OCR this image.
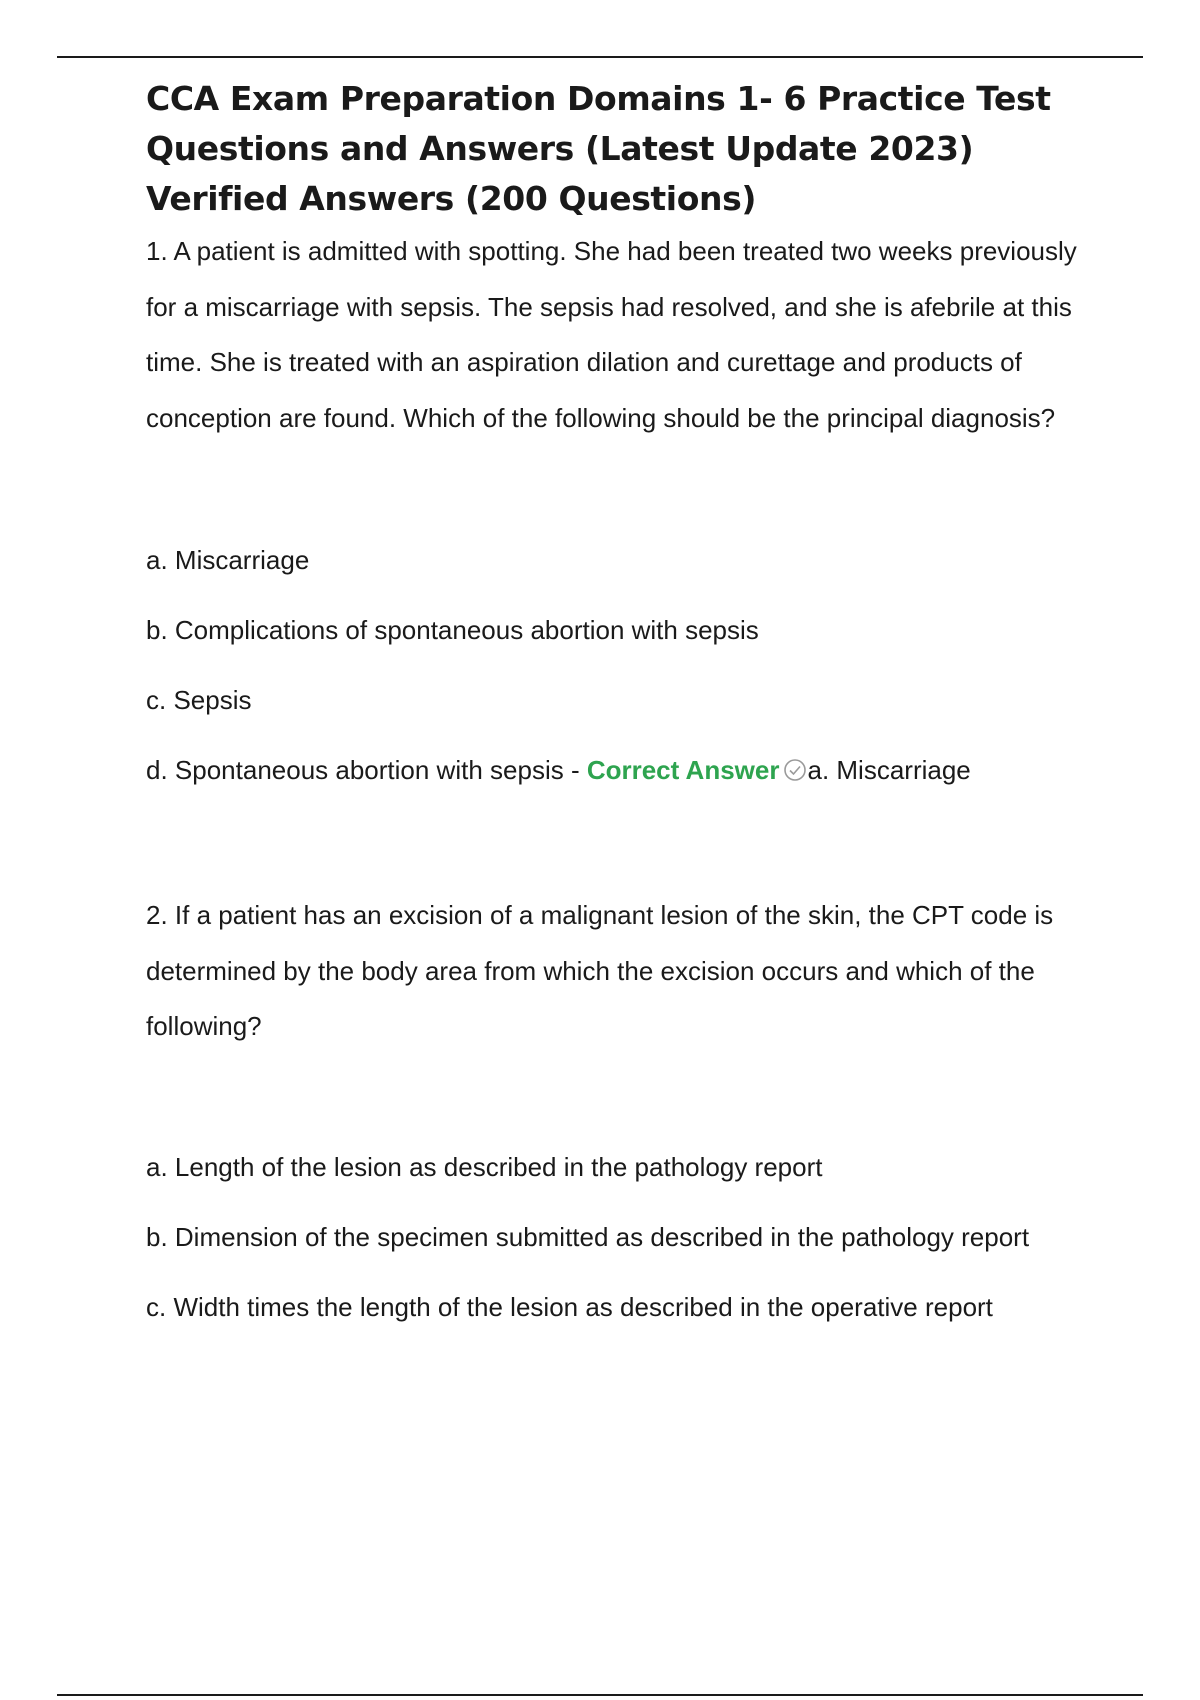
CCA Exam Preparation Domains 1- 6 Practice Test Questions and Answers (Latest Update 2023) Verified Answers (200 Questions)

1. A patient is admitted with spotting. She had been treated two weeks previously for a miscarriage with sepsis. The sepsis had resolved, and she is afebrile at this time. She is treated with an aspiration dilation and curettage and products of conception are found. Which of the following should be the principal diagnosis?

a. Miscarriage

b. Complications of spontaneous abortion with sepsis

c. Sepsis

d. Spontaneous abortion with sepsis - Correct Answer a. Miscarriage

2. If a patient has an excision of a malignant lesion of the skin, the CPT code is determined by the body area from which the excision occurs and which of the following?

a. Length of the lesion as described in the pathology report

b. Dimension of the specimen submitted as described in the pathology report

c. Width times the length of the lesion as described in the operative report
